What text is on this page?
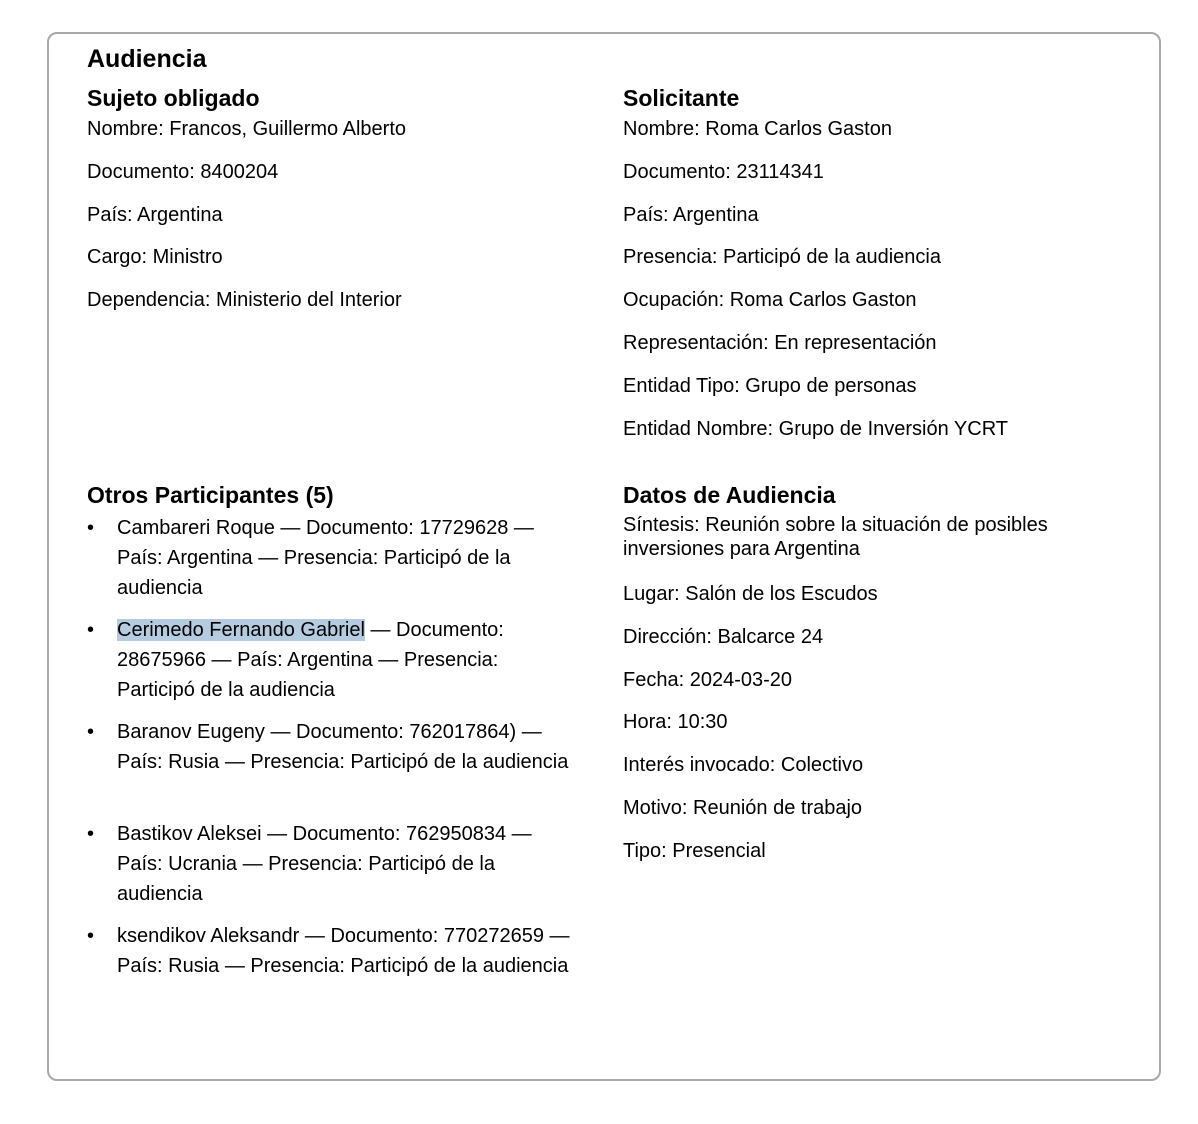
Audiencia
Sujeto obligado
Nombre: Francos, Guillermo Alberto
Documento: 8400204
País: Argentina
Cargo: Ministro
Dependencia: Ministerio del Interior
Solicitante
Nombre: Roma Carlos Gaston
Documento: 23114341
País: Argentina
Presencia: Participó de la audiencia
Ocupación: Roma Carlos Gaston
Representación: En representación
Entidad Tipo: Grupo de personas
Entidad Nombre: Grupo de Inversión YCRT
Otros Participantes (5)
•	Cambareri Roque — Documento: 17729628 — País: Argentina — Presencia: Participó de la audiencia
•	Cerimedo Fernando Gabriel — Documento: 28675966 — País: Argentina — Presencia: Participó de la audiencia
•	Baranov Eugeny — Documento: 762017864) — País: Rusia — Presencia: Participó de la audiencia
•	Bastikov Aleksei — Documento: 762950834 — País: Ucrania — Presencia: Participó de la audiencia
•	ksendikov Aleksandr — Documento: 770272659 — País: Rusia — Presencia: Participó de la audiencia
Datos de Audiencia
Síntesis: Reunión sobre la situación de posibles inversiones para Argentina
Lugar: Salón de los Escudos
Dirección: Balcarce 24
Fecha: 2024-03-20
Hora: 10:30
Interés invocado: Colectivo
Motivo: Reunión de trabajo
Tipo: Presencial
